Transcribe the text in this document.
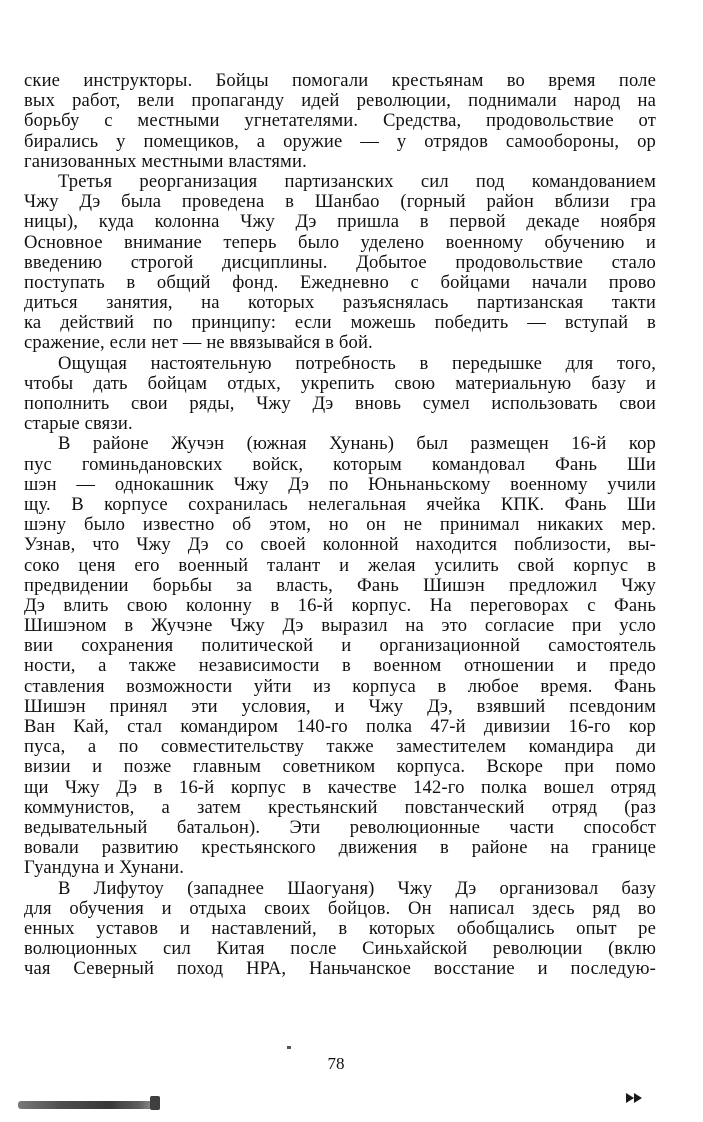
ские инструкторы. Бойцы помогали крестьянам во время поле
вых работ, вели пропаганду идей революции, поднимали народ на
борьбу с местными угнетателями. Средства, продовольствие от
бирались у помещиков, а оружие — у отрядов самообороны, ор
ганизованных местными властями.
Третья реорганизация партизанских сил под командованием
Чжу Дэ была проведена в Шанбао (горный район вблизи гра
ницы), куда колонна Чжу Дэ пришла в первой декаде ноября
Основное внимание теперь было уделено военному обучению и
введению строгой дисциплины. Добытое продовольствие стало
поступать в общий фонд. Ежедневно с бойцами начали прово
диться занятия, на которых разъяснялась партизанская такти
ка действий по принципу: если можешь победить — вступай в
сражение, если нет — не ввязывайся в бой.
Ощущая настоятельную потребность в передышке для того,
чтобы дать бойцам отдых, укрепить свою материальную базу и
пополнить свои ряды, Чжу Дэ вновь сумел использовать свои
старые связи.
В районе Жучэн (южная Хунань) был размещен 16-й кор
пус гоминьдановских войск, которым командовал Фань Ши
шэн — однокашник Чжу Дэ по Юньнаньскому военному учили
щу. В корпусе сохранилась нелегальная ячейка КПК. Фань Ши
шэну было известно об этом, но он не принимал никаких мер.
Узнав, что Чжу Дэ со своей колонной находится поблизости, вы-
соко ценя его военный талант и желая усилить свой корпус в
предвидении борьбы за власть, Фань Шишэн предложил Чжу
Дэ влить свою колонну в 16-й корпус. На переговорах с Фань
Шишэном в Жучэне Чжу Дэ выразил на это согласие при усло
вии сохранения политической и организационной самостоятель
ности, а также независимости в военном отношении и предо
ставления возможности уйти из корпуса в любое время. Фань
Шишэн принял эти условия, и Чжу Дэ, взявший псевдоним
Ван Кай, стал командиром 140-го полка 47-й дивизии 16-го кор
пуса, а по совместительству также заместителем командира ди
визии и позже главным советником корпуса. Вскоре при помо
щи Чжу Дэ в 16-й корпус в качестве 142-го полка вошел отряд
коммунистов, а затем крестьянский повстанческий отряд (раз
ведывательный батальон). Эти революционные части способст
вовали развитию крестьянского движения в районе на границе
Гуандуна и Хунани.
В Лифутоу (западнее Шаогуаня) Чжу Дэ организовал базу
для обучения и отдыха своих бойцов. Он написал здесь ряд во
енных уставов и наставлений, в которых обобщались опыт ре
волюционных сил Китая после Синьхайской революции (вклю
чая Северный поход НРА, Наньчанское восстание и последую-
78
